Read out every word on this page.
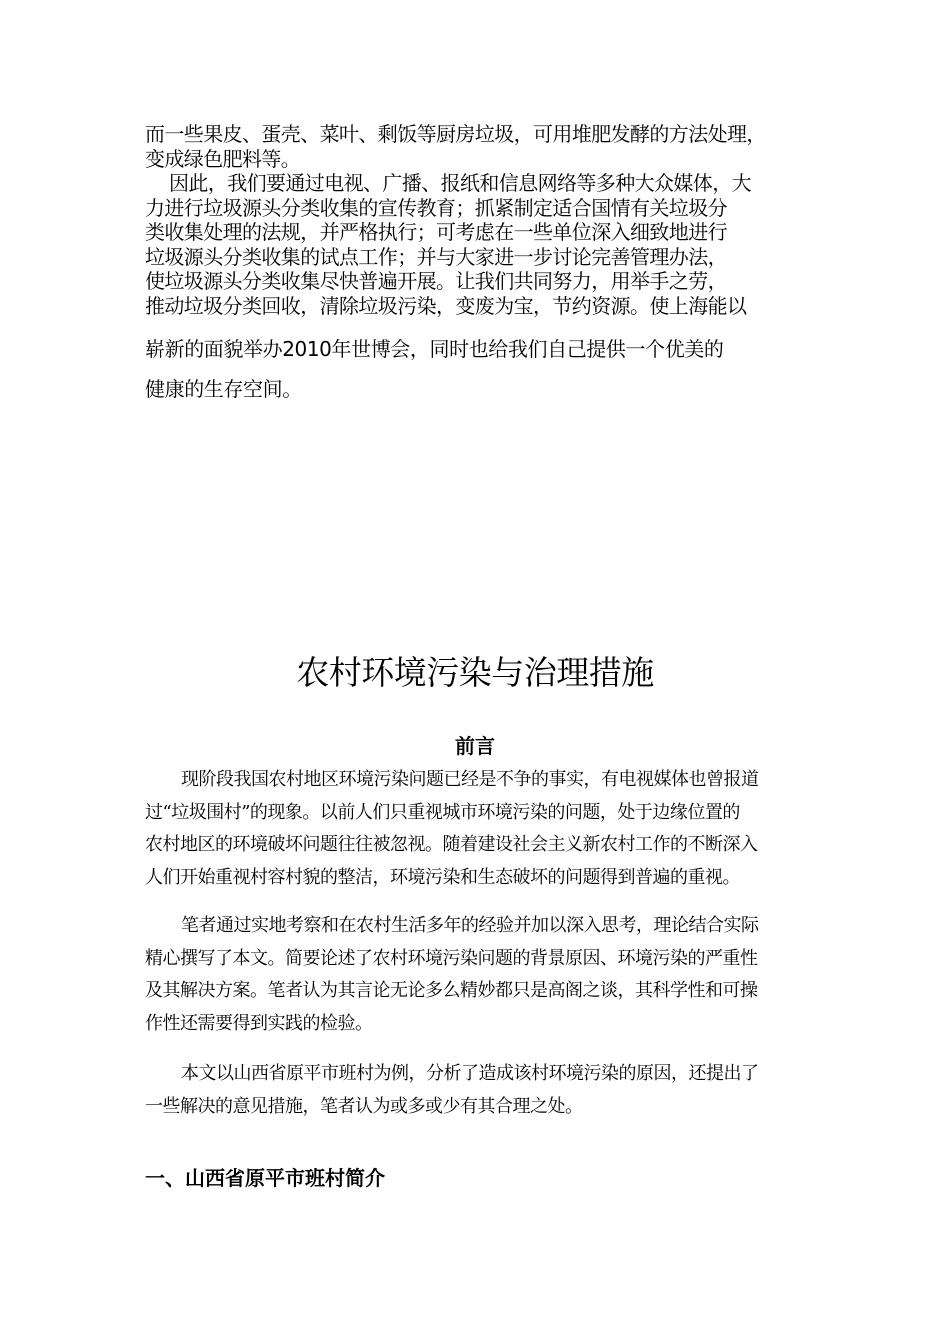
而一些果皮、蛋壳、菜叶、剩饭等厨房垃圾，可用堆肥发酵的方法处理，
变成绿色肥料等。
因此，我们要通过电视、广播、报纸和信息网络等多种大众媒体，大
力进行垃圾源头分类收集的宣传教育；抓紧制定适合国情有关垃圾分
类收集处理的法规，并严格执行；可考虑在一些单位深入细致地进行
垃圾源头分类收集的试点工作；并与大家进一步讨论完善管理办法，
使垃圾源头分类收集尽快普遍开展。让我们共同努力，用举手之劳，
推动垃圾分类回收，清除垃圾污染，变废为宝，节约资源。使上海能以
崭新的面貌举办2010年世博会，同时也给我们自己提供一个优美的
健康的生存空间。
农村环境污染与治理措施
前言
现阶段我国农村地区环境污染问题已经是不争的事实，有电视媒体也曾报道
过“垃圾围村”的现象。以前人们只重视城市环境污染的问题，处于边缘位置的
农村地区的环境破坏问题往往被忽视。随着建设社会主义新农村工作的不断深入
人们开始重视村容村貌的整洁，环境污染和生态破坏的问题得到普遍的重视。
笔者通过实地考察和在农村生活多年的经验并加以深入思考，理论结合实际
精心撰写了本文。简要论述了农村环境污染问题的背景原因、环境污染的严重性
及其解决方案。笔者认为其言论无论多么精妙都只是高阁之谈，其科学性和可操
作性还需要得到实践的检验。
本文以山西省原平市班村为例，分析了造成该村环境污染的原因，还提出了
一些解决的意见措施，笔者认为或多或少有其合理之处。
一、山西省原平市班村简介
